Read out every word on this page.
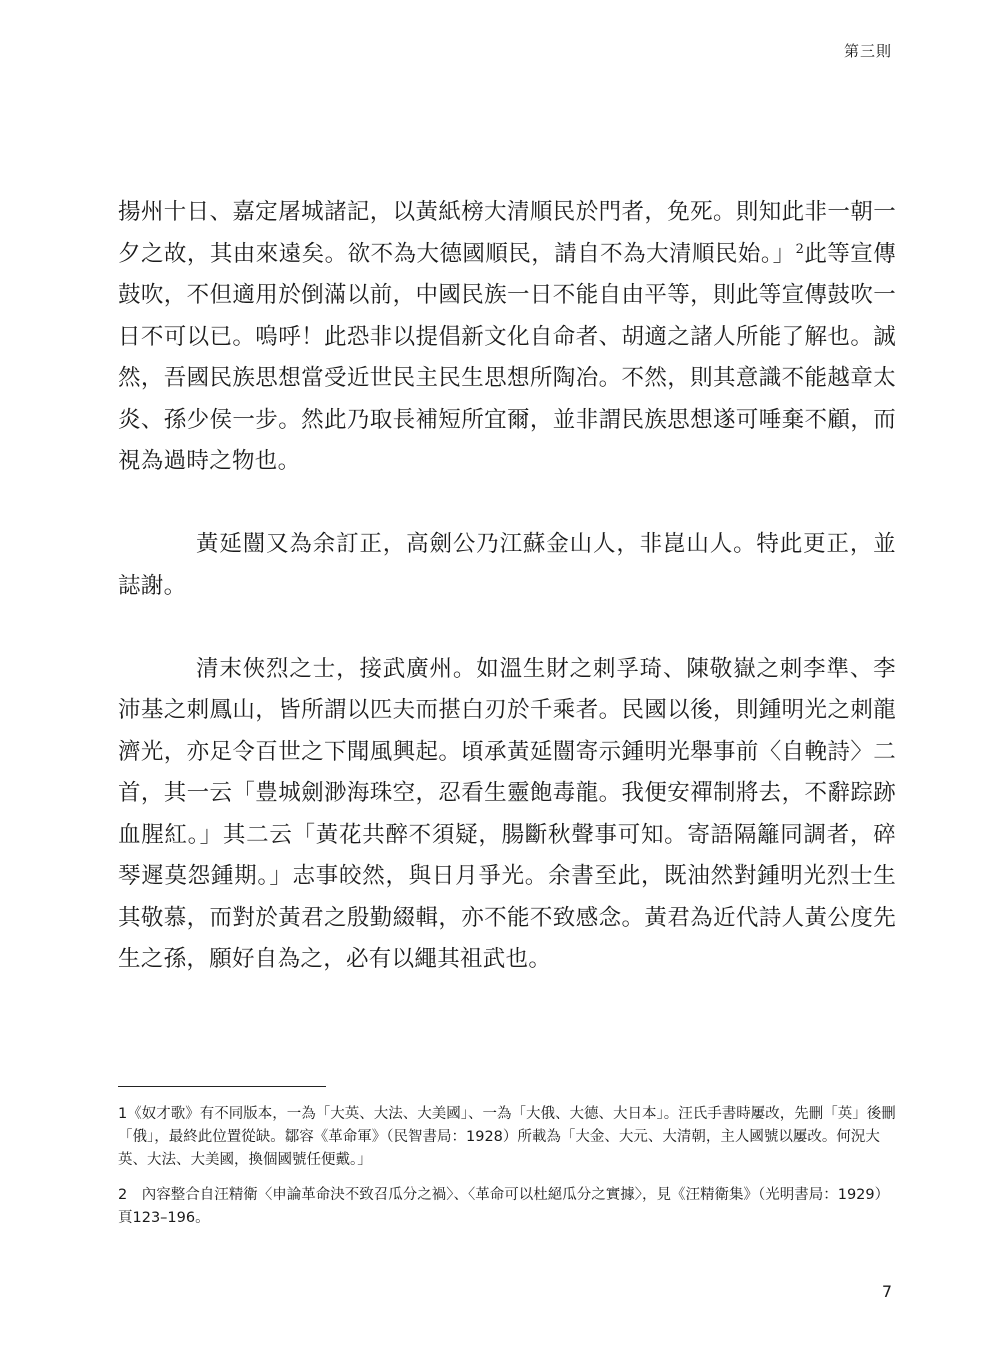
第三則

揚州十日、嘉定屠城諸記，以黃紙榜大清順民於門者，免死。則知此非一朝一夕之故，其由來遠矣。欲不為大德國順民，請自不為大清順民始。」$^2$此等宣傳鼓吹，不但適用於倒滿以前，中國民族一日不能自由平等，則此等宣傳鼓吹一日不可以已。嗚呼！此恐非以提倡新文化自命者、胡適之諸人所能了解也。誠然，吾國民族思想當受近世民主民生思想所陶冶。不然，則其意識不能越章太炎、孫少侯一步。然此乃取長補短所宜爾，並非謂民族思想遂可唾棄不顧，而視為過時之物也。

黃延闓又為余訂正，高劍公乃江蘇金山人，非崑山人。特此更正，並誌謝。

清末俠烈之士，接武廣州。如溫生財之刺孚琦、陳敬嶽之刺李準、李沛基之刺鳳山，皆所謂以匹夫而揕白刃於千乘者。民國以後，則鍾明光之刺龍濟光，亦足令百世之下聞風興起。頃承黃延闓寄示鍾明光舉事前〈自輓詩〉二首，其一云「豊城劍渺海珠空，忍看生靈飽毒龍。我便安禪制將去，不辭踪跡血腥紅。」其二云「黃花共醉不須疑，腸斷秋聲事可知。寄語隔籬同調者，碎琴遲莫怨鍾期。」志事皎然，與日月爭光。余書至此，既油然對鍾明光烈士生其敬慕，而對於黃君之殷勤綴輯，亦不能不致感念。黃君為近代詩人黃公度先生之孫，願好自為之，必有以繩其祖武也。

1《奴才歌》有不同版本，一為「大英、大法、大美國」、一為「大俄、大德、大日本」。汪氏手書時屢改，先刪「英」後刪「俄」，最終此位置從缺。鄒容《革命軍》（民智書局：1928）所載為「大金、大元、大清朝，主人國號以屢改。何況大英、大法、大美國，換個國號任便戴。」

2　內容整合自汪精衛〈申論革命決不致召瓜分之禍〉、〈革命可以杜絕瓜分之實據〉，見《汪精衛集》（光明書局：1929）頁123–196。

7
